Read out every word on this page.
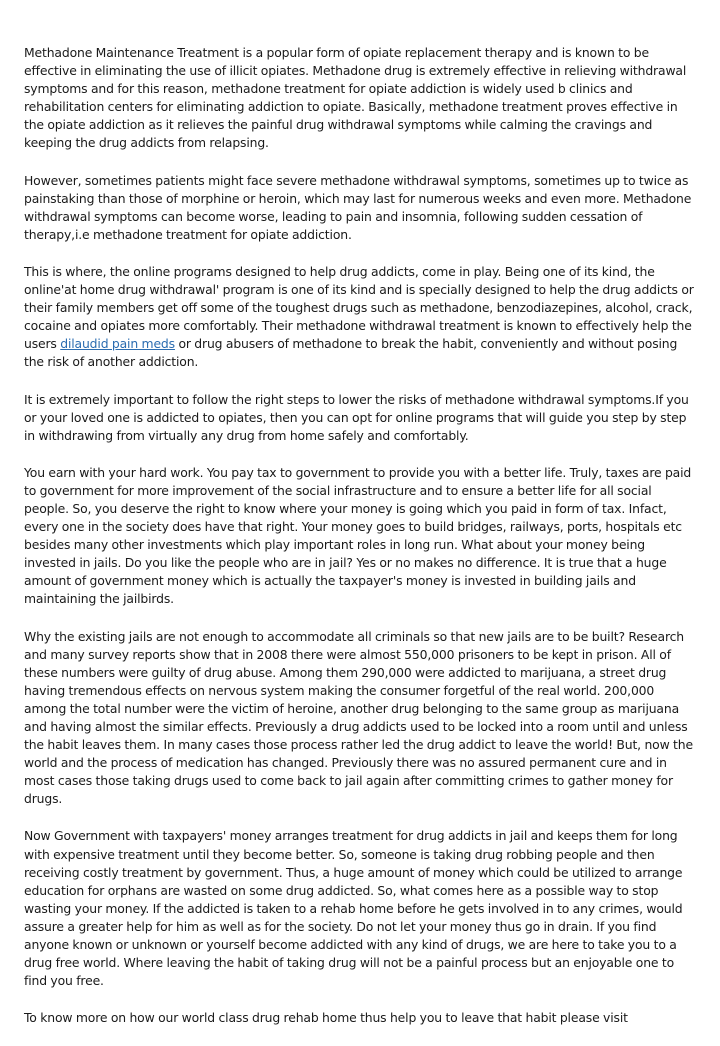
Methadone Maintenance Treatment is a popular form of opiate replacement therapy and is known to be effective in eliminating the use of illicit opiates. Methadone drug is extremely effective in relieving withdrawal symptoms and for this reason, methadone treatment for opiate addiction is widely used b clinics and rehabilitation centers for eliminating addiction to opiate. Basically, methadone treatment proves effective in the opiate addiction as it relieves the painful drug withdrawal symptoms while calming the cravings and keeping the drug addicts from relapsing.

However, sometimes patients might face severe methadone withdrawal symptoms, sometimes up to twice as painstaking than those of morphine or heroin, which may last for numerous weeks and even more. Methadone withdrawal symptoms can become worse, leading to pain and insomnia, following sudden cessation of therapy,i.e methadone treatment for opiate addiction.

This is where, the online programs designed to help drug addicts, come in play. Being one of its kind, the online'at home drug withdrawal' program is one of its kind and is specially designed to help the drug addicts or their family members get off some of the toughest drugs such as methadone, benzodiazepines, alcohol, crack, cocaine and opiates more comfortably. Their methadone withdrawal treatment is known to effectively help the users dilaudid pain meds or drug abusers of methadone to break the habit, conveniently and without posing the risk of another addiction.

It is extremely important to follow the right steps to lower the risks of methadone withdrawal symptoms.If you or your loved one is addicted to opiates, then you can opt for online programs that will guide you step by step in withdrawing from virtually any drug from home safely and comfortably.

You earn with your hard work. You pay tax to government to provide you with a better life. Truly, taxes are paid to government for more improvement of the social infrastructure and to ensure a better life for all social people. So, you deserve the right to know where your money is going which you paid in form of tax. Infact, every one in the society does have that right. Your money goes to build bridges, railways, ports, hospitals etc besides many other investments which play important roles in long run. What about your money being invested in jails. Do you like the people who are in jail? Yes or no makes no difference. It is true that a huge amount of government money which is actually the taxpayer's money is invested in building jails and maintaining the jailbirds.

Why the existing jails are not enough to accommodate all criminals so that new jails are to be built? Research and many survey reports show that in 2008 there were almost 550,000 prisoners to be kept in prison. All of these numbers were guilty of drug abuse. Among them 290,000 were addicted to marijuana, a street drug having tremendous effects on nervous system making the consumer forgetful of the real world. 200,000 among the total number were the victim of heroine, another drug belonging to the same group as marijuana and having almost the similar effects. Previously a drug addicts used to be locked into a room until and unless the habit leaves them. In many cases those process rather led the drug addict to leave the world! But, now the world and the process of medication has changed. Previously there was no assured permanent cure and in most cases those taking drugs used to come back to jail again after committing crimes to gather money for drugs.

Now Government with taxpayers' money arranges treatment for drug addicts in jail and keeps them for long with expensive treatment until they become better. So, someone is taking drug robbing people and then receiving costly treatment by government. Thus, a huge amount of money which could be utilized to arrange education for orphans are wasted on some drug addicted. So, what comes here as a possible way to stop wasting your money. If the addicted is taken to a rehab home before he gets involved in to any crimes, would assure a greater help for him as well as for the society. Do not let your money thus go in drain. If you find anyone known or unknown or yourself become addicted with any kind of drugs, we are here to take you to a drug free world. Where leaving the habit of taking drug will not be a painful process but an enjoyable one to find you free.

To know more on how our world class drug rehab home thus help you to leave that habit please visit
